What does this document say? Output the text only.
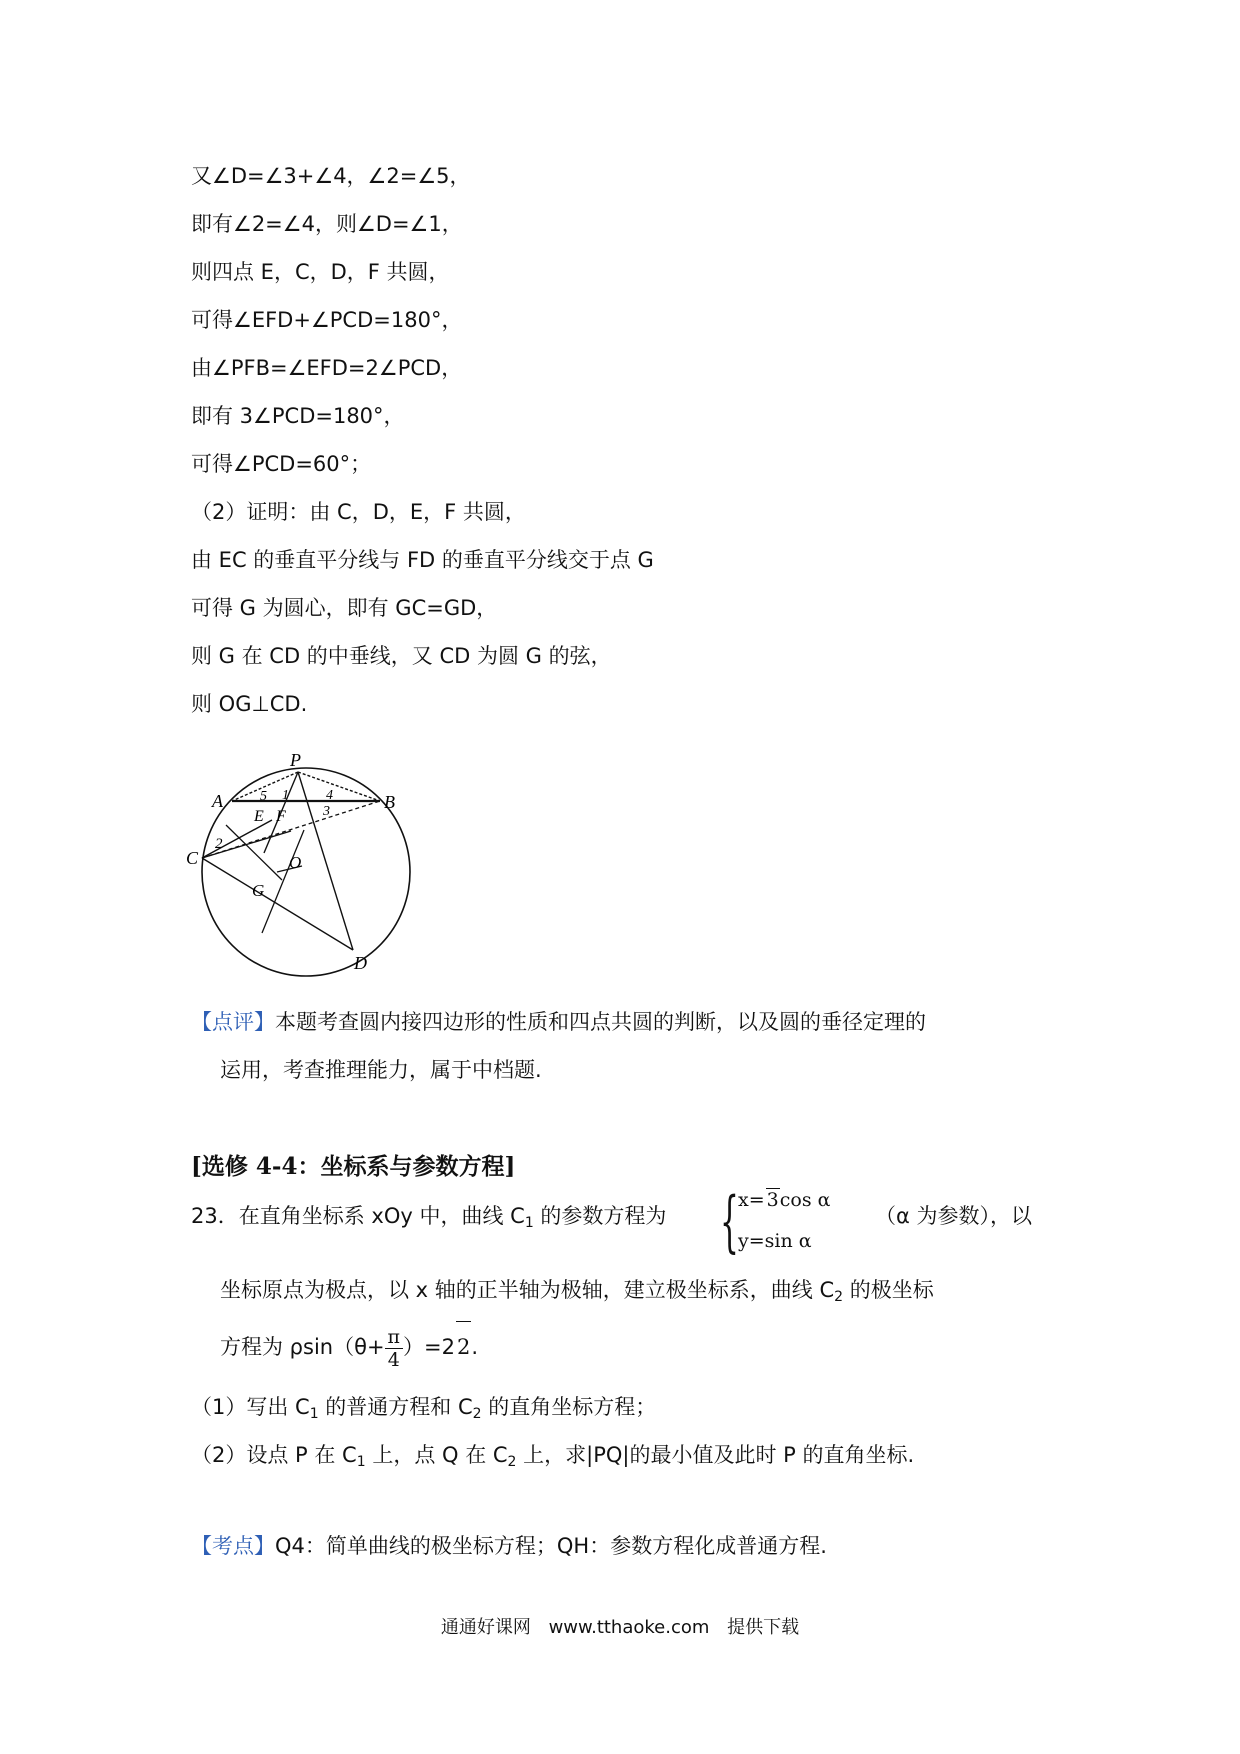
又∠D=∠3+∠4，∠2=∠5，
即有∠2=∠4，则∠D=∠1，
则四点 E，C，D，F 共圆，
可得∠EFD+∠PCD=180°，
由∠PFB=∠EFD=2∠PCD，
即有 3∠PCD=180°，
可得∠PCD=60°；
（2）证明：由 C，D，E，F 共圆，
由 EC 的垂直平分线与 FD 的垂直平分线交于点 G
可得 G 为圆心，即有 GC=GD，
则 G 在 CD 的中垂线，又 CD 为圆 G 的弦，
则 OG⊥CD.
P
A	B
C
D
E F
O
G
1
2
3
4
5
【点评】本题考查圆内接四边形的性质和四点共圆的判断，以及圆的垂径定理的
运用，考查推理能力，属于中档题.
[选修 4-4：坐标系与参数方程]
23．在直角坐标系 xOy 中，曲线 $C_1$ 的参数方程为 { x= 3cos α
y=sin α
（α 为参数），以
坐标原点为极点，以 x 轴的正半轴为极轴，建立极坐标系，曲线 $C_2$ 的极坐标
方程为 $\rho\sin(\theta+ \frac{\pi}{4} )=22$.
（1）写出 $C_1$ 的普通方程和 $C_2$ 的直角坐标方程；
（2）设点 P 在 $C_1$ 上，点 Q 在 $C_2$ 上，求|PQ|的最小值及此时 P 的直角坐标.
【考点】Q4：简单曲线的极坐标方程；QH：参数方程化成普通方程.
通通好课网 www.tthaoke.com 提供下载
